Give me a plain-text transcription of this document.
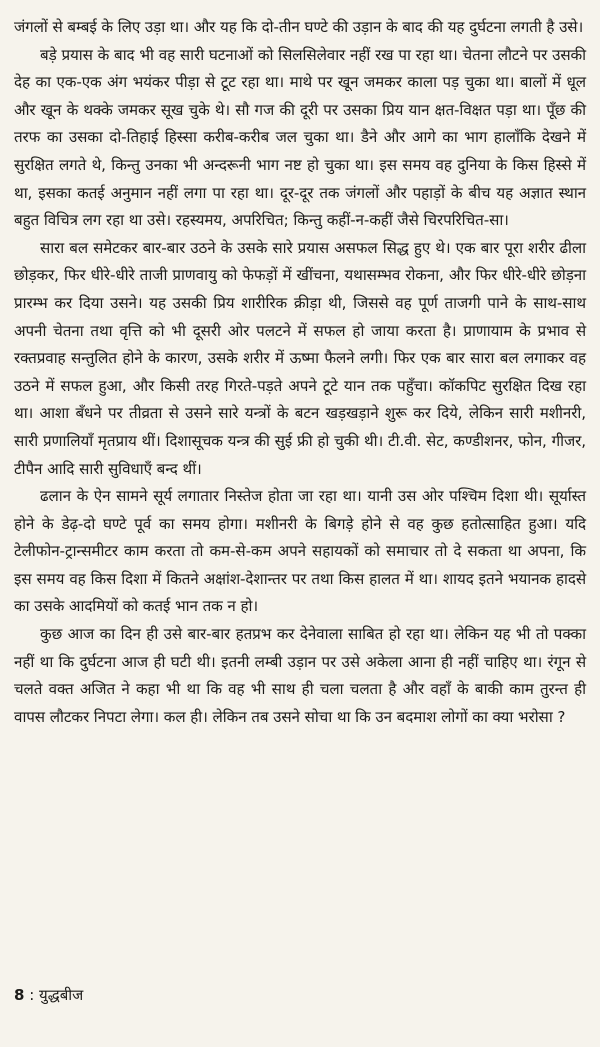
जंगलों से बम्बई के लिए उड़ा था। और यह कि दो-तीन घण्टे की उड़ान के बाद की यह दुर्घटना लगती है उसे।

बड़े प्रयास के बाद भी वह सारी घटनाओं को सिलसिलेवार नहीं रख पा रहा था। चेतना लौटने पर उसकी देह का एक-एक अंग भयंकर पीड़ा से टूट रहा था। माथे पर खून जमकर काला पड़ चुका था। बालों में धूल और खून के थक्के जमकर सूख चुके थे। सौ गज की दूरी पर उसका प्रिय यान क्षत-विक्षत पड़ा था। पूँछ की तरफ का उसका दो-तिहाई हिस्सा करीब-करीब जल चुका था। डैने और आगे का भाग हालाँकि देखने में सुरक्षित लगते थे, किन्तु उनका भी अन्दरूनी भाग नष्ट हो चुका था। इस समय वह दुनिया के किस हिस्से में था, इसका कतई अनुमान नहीं लगा पा रहा था। दूर-दूर तक जंगलों और पहाड़ों के बीच यह अज्ञात स्थान बहुत विचित्र लग रहा था उसे। रहस्यमय, अपरिचित; किन्तु कहीं-न-कहीं जैसे चिरपरिचित-सा।

सारा बल समेटकर बार-बार उठने के उसके सारे प्रयास असफल सिद्ध हुए थे। एक बार पूरा शरीर ढीला छोड़कर, फिर धीरे-धीरे ताजी प्राणवायु को फेफड़ों में खींचना, यथासम्भव रोकना, और फिर धीरे-धीरे छोड़ना प्रारम्भ कर दिया उसने। यह उसकी प्रिय शारीरिक क्रीड़ा थी, जिससे वह पूर्ण ताजगी पाने के साथ-साथ अपनी चेतना तथा वृत्ति को भी दूसरी ओर पलटने में सफल हो जाया करता है। प्राणायाम के प्रभाव से रक्तप्रवाह सन्तुलित होने के कारण, उसके शरीर में ऊष्मा फैलने लगी। फिर एक बार सारा बल लगाकर वह उठने में सफल हुआ, और किसी तरह गिरते-पड़ते अपने टूटे यान तक पहुँचा। कॉकपिट सुरक्षित दिख रहा था। आशा बँधने पर तीव्रता से उसने सारे यन्त्रों के बटन खड़खड़ाने शुरू कर दिये, लेकिन सारी मशीनरी, सारी प्रणालियाँ मृतप्राय थीं। दिशासूचक यन्त्र की सुई फ्री हो चुकी थी। टी.वी. सेट, कण्डीशनर, फोन, गीजर, टीपैन आदि सारी सुविधाएँ बन्द थीं।

ढलान के ऐन सामने सूर्य लगातार निस्तेज होता जा रहा था। यानी उस ओर पश्चिम दिशा थी। सूर्यास्त होने के डेढ़-दो घण्टे पूर्व का समय होगा। मशीनरी के बिगड़े होने से वह कुछ हतोत्साहित हुआ। यदि टेलीफोन-ट्रान्समीटर काम करता तो कम-से-कम अपने सहायकों को समाचार तो दे सकता था अपना, कि इस समय वह किस दिशा में कितने अक्षांश-देशान्तर पर तथा किस हालत में था। शायद इतने भयानक हादसे का उसके आदमियों को कतई भान तक न हो।

कुछ आज का दिन ही उसे बार-बार हतप्रभ कर देनेवाला साबित हो रहा था। लेकिन यह भी तो पक्का नहीं था कि दुर्घटना आज ही घटी थी। इतनी लम्बी उड़ान पर उसे अकेला आना ही नहीं चाहिए था। रंगून से चलते वक्त अजित ने कहा भी था कि वह भी साथ ही चला चलता है और वहाँ के बाकी काम तुरन्त ही वापस लौटकर निपटा लेगा। कल ही। लेकिन तब उसने सोचा था कि उन बदमाश लोगों का क्या भरोसा ?

8 : युद्धबीज
